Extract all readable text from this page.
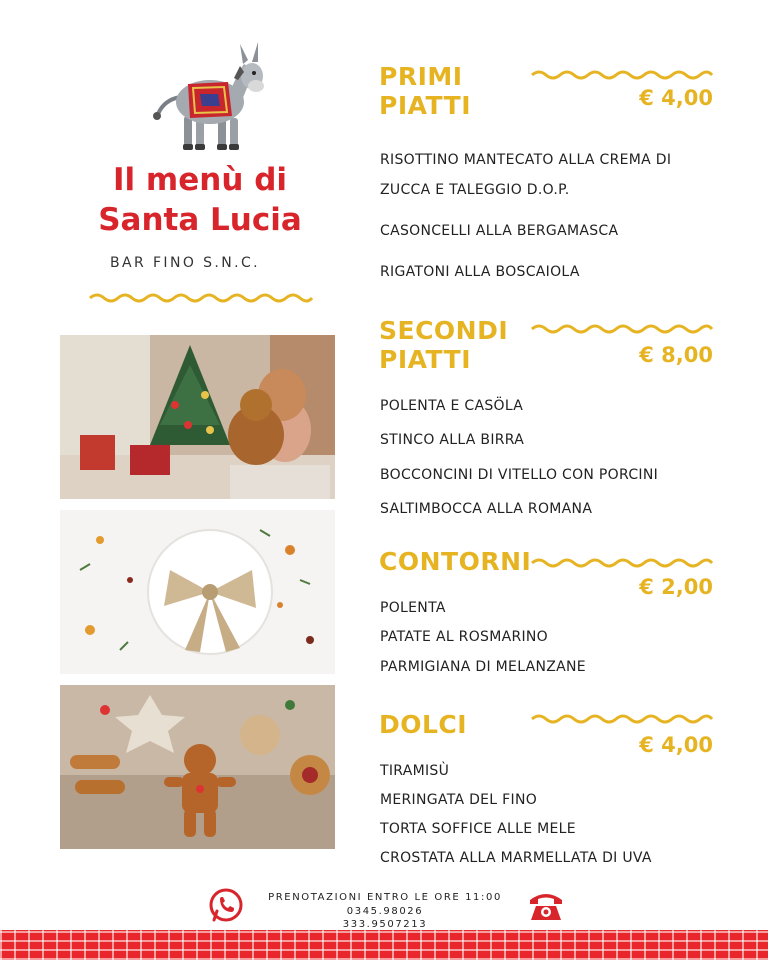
Il menù di
Santa Lucia
BAR FINO S.N.C.
PRIMI
PIATTI	€ 4,00
RISOTTINO MANTECATO ALLA CREMA DI
ZUCCA E TALEGGIO D.O.P.
CASONCELLI ALLA BERGAMASCA
RIGATONI ALLA BOSCAIOLA
SECONDI
PIATTI	€ 8,00
POLENTA E CASÖLA
STINCO ALLA BIRRA
BOCCONCINI DI VITELLO CON PORCINI
SALTIMBOCCA ALLA ROMANA
CONTORNI
€ 2,00
POLENTA
PATATE AL ROSMARINO
PARMIGIANA DI MELANZANE
DOLCI
€ 4,00
TIRAMISÙ
MERINGATA DEL FINO
TORTA SOFFICE ALLE MELE
CROSTATA ALLA MARMELLATA DI UVA
PRENOTAZIONI ENTRO LE ORE 11:00
0345.98026
333.9507213
